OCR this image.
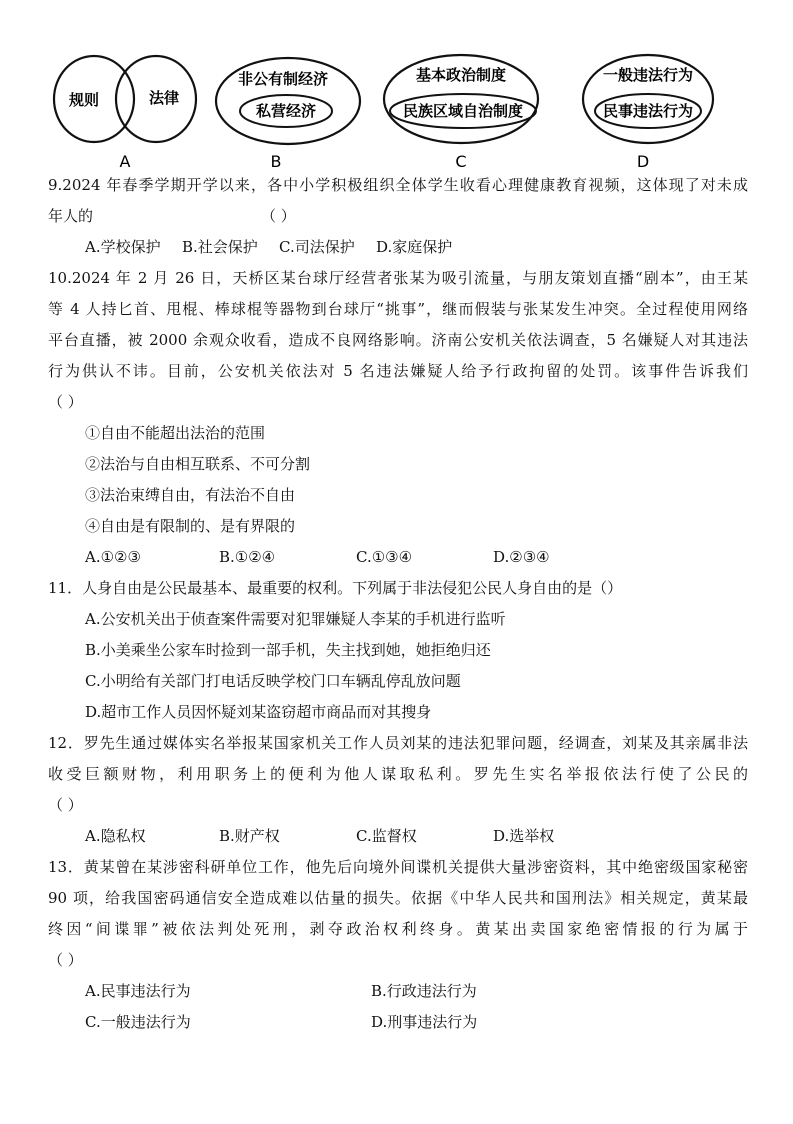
规则	法律
A
非公有制经济
私营经济
B
基本政治制度
民族区域自治制度
C
一般违法行为
民事违法行为
D
9.2024 年春季学期开学以来，各中小学积极组织全体学生收看心理健康教育视频，这体现了对未成
年人的	（ ）
A.学校保护	B.社会保护	C.司法保护	D.家庭保护
10.2024 年 2 月 26 日，天桥区某台球厅经营者张某为吸引流量，与朋友策划直播“剧本”，由王某
等 4 人持匕首、甩棍、棒球棍等器物到台球厅“挑事”，继而假装与张某发生冲突。全过程使用网络
平台直播，被 2000 余观众收看，造成不良网络影响。济南公安机关依法调查，5 名嫌疑人对其违法
行为供认不讳。目前，公安机关依法对 5 名违法嫌疑人给予行政拘留的处罚。该事件告诉我们
（ ）
①自由不能超出法治的范围
②法治与自由相互联系、不可分割
③法治束缚自由，有法治不自由
④自由是有限制的、是有界限的
A.①②③	B.①②④	C.①③④	D.②③④
11．人身自由是公民最基本、最重要的权利。下列属于非法侵犯公民人身自由的是（）
A.公安机关出于侦查案件需要对犯罪嫌疑人李某的手机进行监听
B.小美乘坐公家车时捡到一部手机，失主找到她，她拒绝归还
C.小明给有关部门打电话反映学校门口车辆乱停乱放问题
D.超市工作人员因怀疑刘某盗窃超市商品而对其搜身
12．罗先生通过媒体实名举报某国家机关工作人员刘某的违法犯罪问题，经调查，刘某及其亲属非法
收受巨额财物，利用职务上的便利为他人谋取私利。罗先生实名举报依法行使了公民的
（ ）
A.隐私权	B.财产权	C.监督权	D.选举权
13．黄某曾在某涉密科研单位工作，他先后向境外间谍机关提供大量涉密资料，其中绝密级国家秘密
90 项，给我国密码通信安全造成难以估量的损失。依据《中华人民共和国刑法》相关规定，黄某最
终因“间谍罪”被依法判处死刑，剥夺政治权利终身。黄某出卖国家绝密情报的行为属于
（ ）
A.民事违法行为	B.行政违法行为
C.一般违法行为	D.刑事违法行为
